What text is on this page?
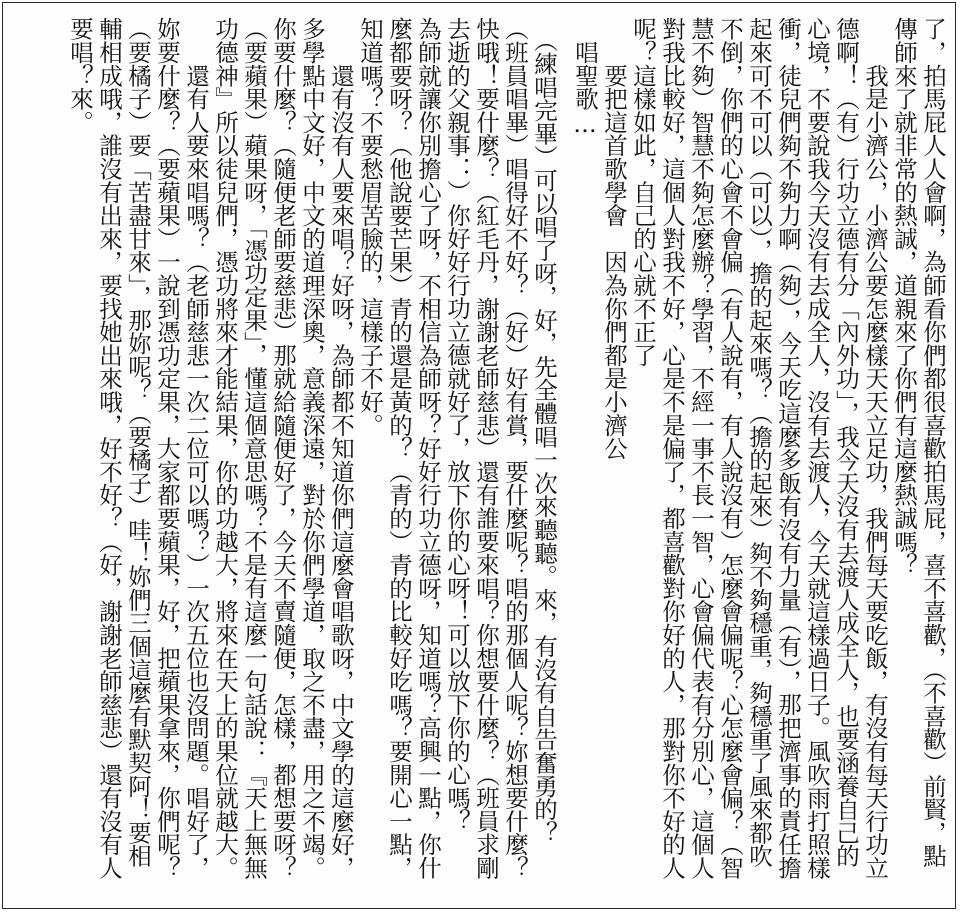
了，拍馬屁人人會啊，為師看你們都很喜歡拍馬屁，喜不喜歡，（不喜歡）前賢，點
傳師來了就非常的熱誠，道親來了你們有這麼熱誠嗎？
　　我是小濟公，小濟公要怎麼樣天天立足功，我們每天要吃飯，有沒有每天行功立
德啊！（有）行功立德有分「內外功」，我今天沒有去渡人成全人，也要涵養自己的
心境，不要說我今天沒有去成全人，沒有去渡人，今天就這樣過日子。風吹雨打照樣
衝，徒兒們夠不夠力啊（夠），今天吃這麼多飯有沒有力量（有），那把濟事的責任擔
起來可不可以（可以），擔的起來嗎？（擔的起來）夠不夠穩重，夠穩重了風來都吹
不倒，你們的心會不會偏（有人說有，有人說沒有）怎麼會偏呢？心怎麼會偏？（智
慧不夠）智慧不夠怎麼辦？學習，不經一事不長一智，心會偏代表有分別心，這個人
對我比較好，這個人對我不好，心是不是偏了，都喜歡對你好的人，那對你不好的人
呢？這樣如此，自己的心就不正了
　　要把這首歌學會　因為你們都是小濟公
　唱聖歌…
　（練唱完畢）可以唱了呀，好，先全體唱一次來聽聽。來，有沒有自告奮勇的？
（班員唱畢）唱得好不好？（好）好有賞，要什麼呢？唱的那個人呢？妳想要什麼？
快哦！要什麼？（紅毛丹，謝謝老師慈悲）還有誰要來唱？你想要什麼？（班員求剛
去逝的父親事．．）你好好行功立德就好了，放下你的心呀！可以放下你的心嗎？
為師就讓你別擔心了呀，不相信為師呀？好好行功立德呀，知道嗎？高興一點，你什
麼都要呀？（他說要芒果）青的還是黃的？（青的）青的比較好吃嗎？要開心一點，
知道嗎？不要愁眉苦臉的，這樣子不好。
　　還有沒有人要來唱？好呀，為師都不知道你們這麼會唱歌呀，中文學的這麼好，
多學點中文好，中文的道理深奧，意義深遠，對於你們學道，取之不盡，用之不竭。
你要什麼？（隨便老師要慈悲）那就給隨便好了，今天不賣隨便，怎樣，都想要呀？
（要蘋果）蘋果呀，「憑功定果」，懂這個意思嗎？不是有這麼一句話說：『天上無無
功德神』所以徒兒們，憑功將來才能結果，你的功越大，將來在天上的果位就越大。
　　還有人要來唱嗎？（老師慈悲一次二位可以嗎？）一次五位也沒問題。唱好了，
妳要什麼？（要蘋果）一說到憑功定果，大家都要蘋果，好，把蘋果拿來，你們呢？
（要橘子）要「苦盡甘來」，那妳呢？（要橘子）哇！妳們三個這麼有默契阿！要相
輔相成哦，誰沒有出來，要找她出來哦，好不好？（好，謝謝老師慈悲）還有沒有人
要唱？來。
